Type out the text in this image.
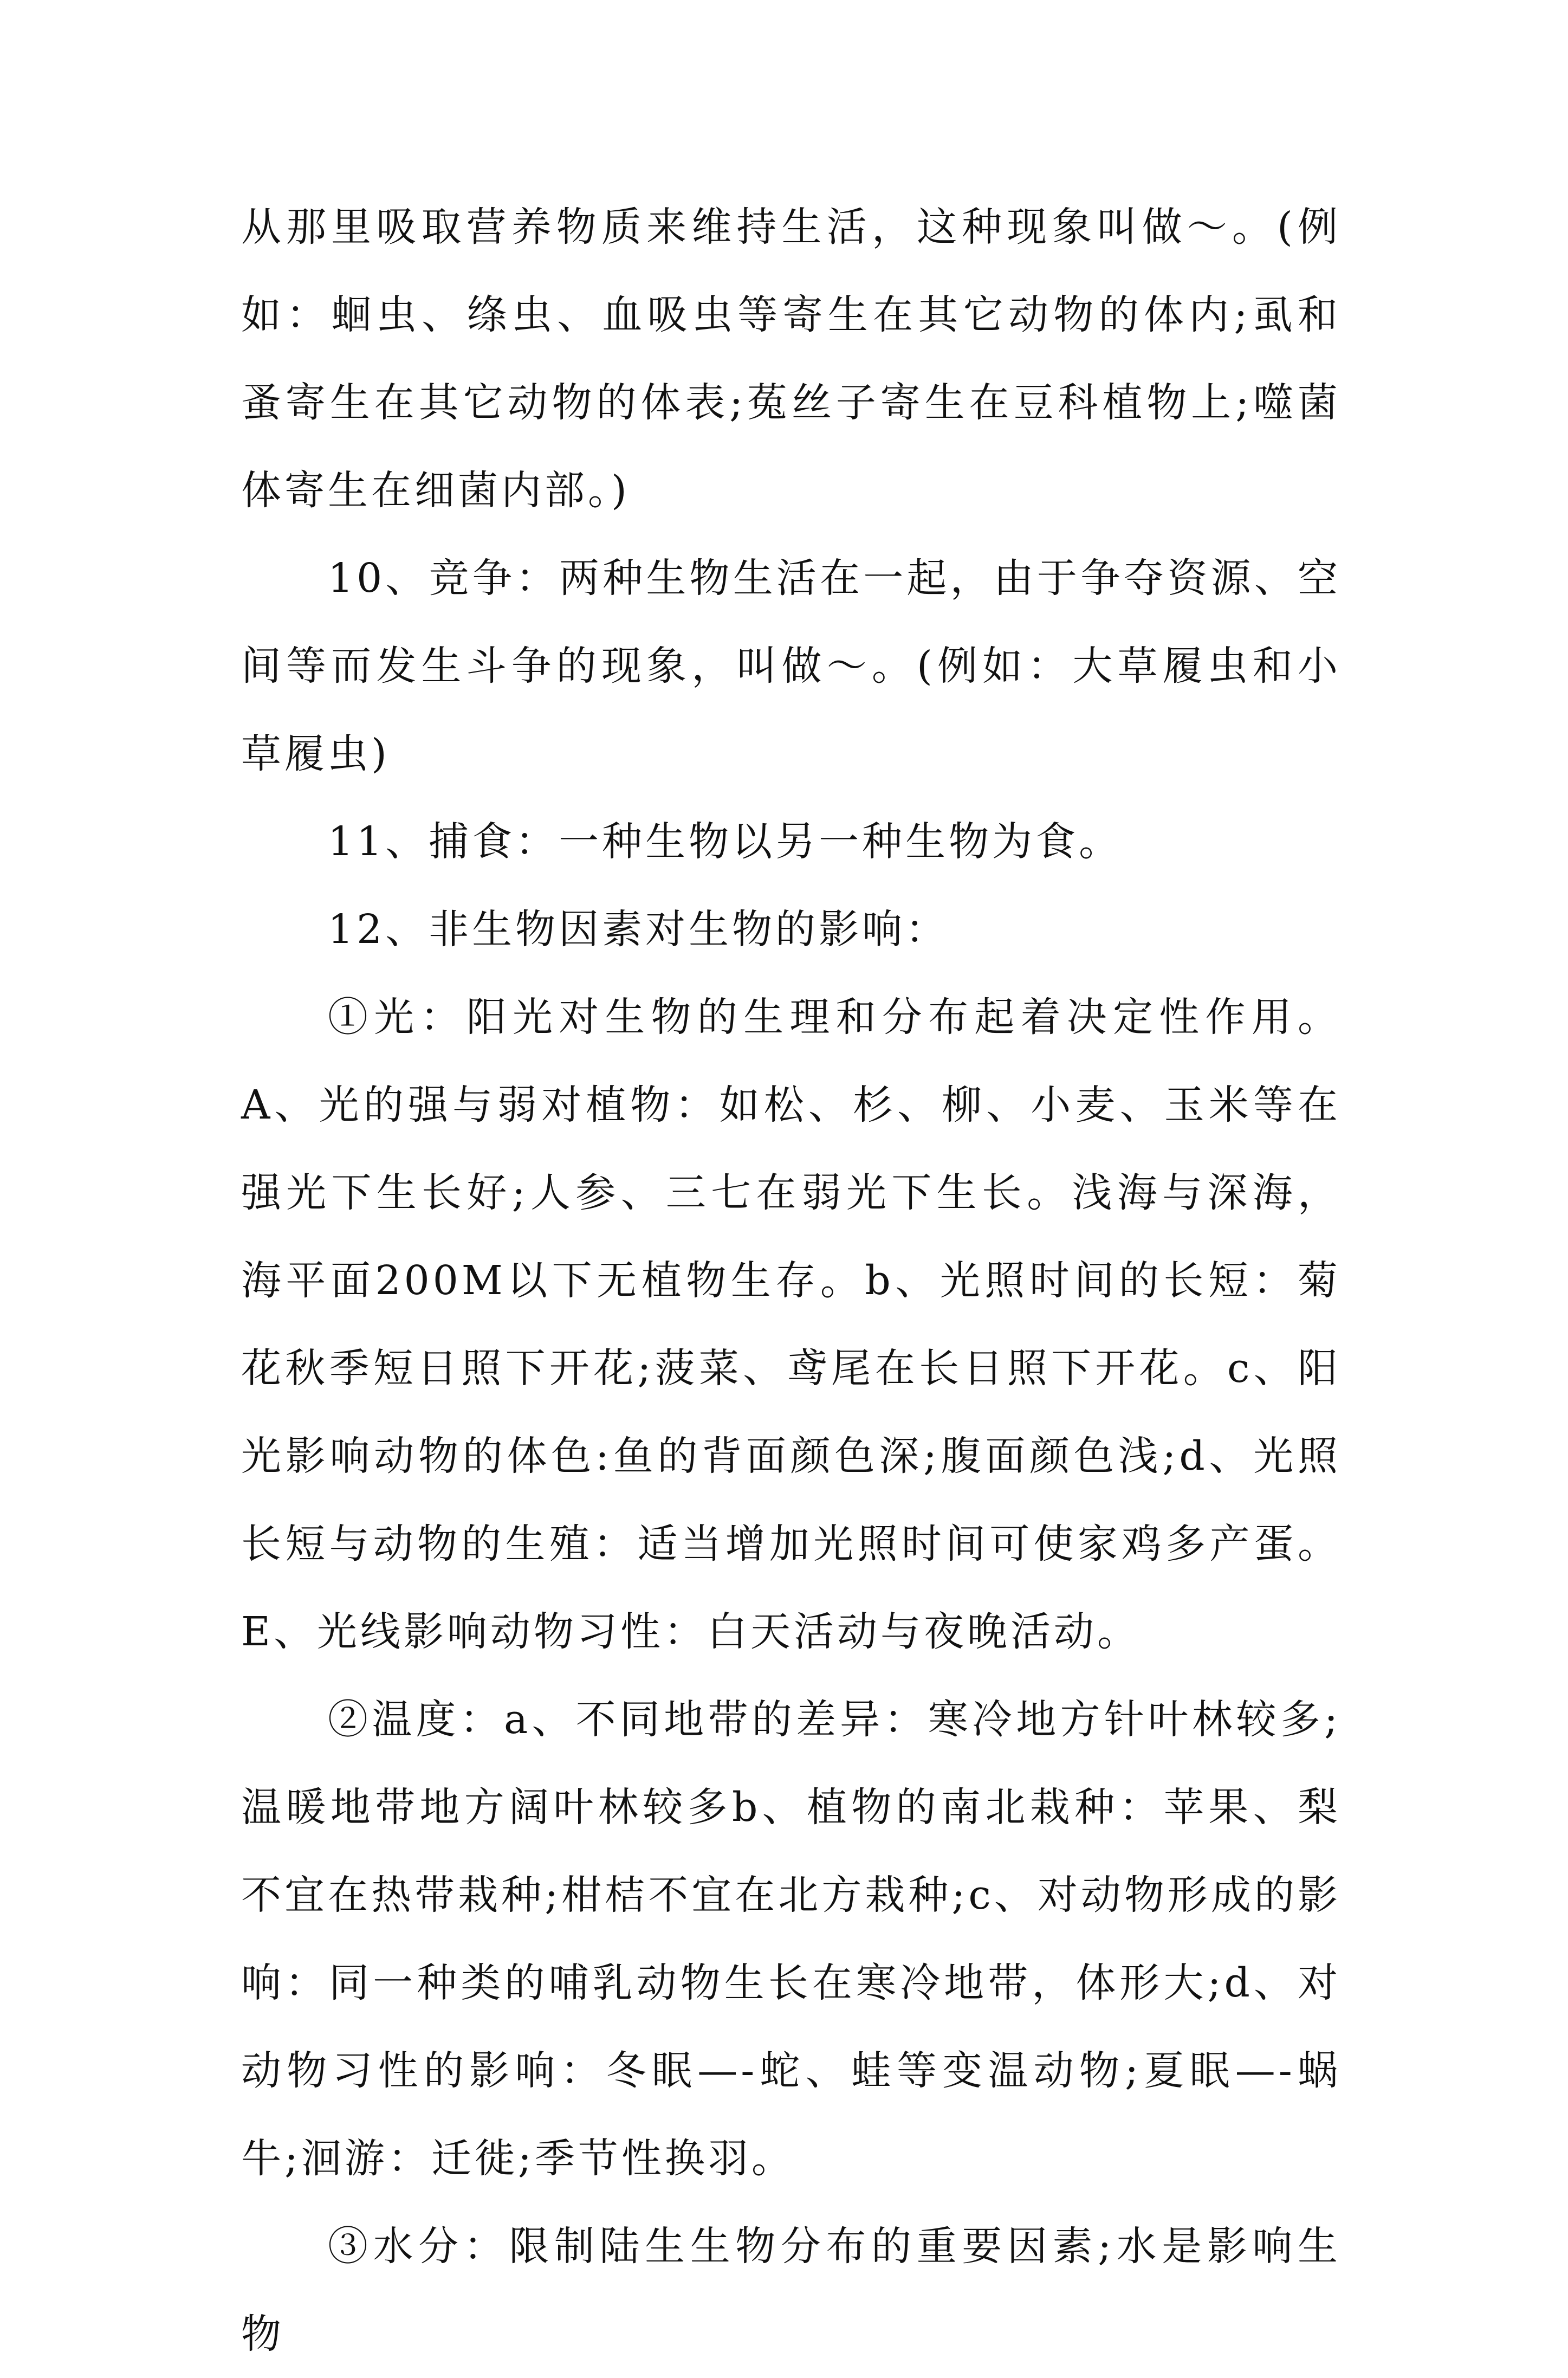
从那里吸取营养物质来维持生活，这种现象叫做～。(例如：蛔虫、绦虫、血吸虫等寄生在其它动物的体内;虱和蚤寄生在其它动物的体表;菟丝子寄生在豆科植物上;噬菌体寄生在细菌内部。)

10、竞争：两种生物生活在一起，由于争夺资源、空间等而发生斗争的现象，叫做～。(例如：大草履虫和小草履虫)

11、捕食：一种生物以另一种生物为食。

12、非生物因素对生物的影响：

①光：阳光对生物的生理和分布起着决定性作用。A、光的强与弱对植物：如松、杉、柳、小麦、玉米等在强光下生长好;人参、三七在弱光下生长。浅海与深海，海平面200M以下无植物生存。b、光照时间的长短：菊花秋季短日照下开花;菠菜、鸢尾在长日照下开花。c、阳光影响动物的体色:鱼的背面颜色深;腹面颜色浅;d、光照长短与动物的生殖：适当增加光照时间可使家鸡多产蛋。E、光线影响动物习性：白天活动与夜晚活动。

②温度：a、不同地带的差异：寒冷地方针叶林较多;温暖地带地方阔叶林较多b、植物的南北栽种：苹果、梨不宜在热带栽种;柑桔不宜在北方栽种;c、对动物形成的影响：同一种类的哺乳动物生长在寒冷地带，体形大;d、对动物习性的影响：冬眠—-蛇、蛙等变温动物;夏眠—-蜗牛;洄游：迁徙;季节性换羽。

③水分：限制陆生生物分布的重要因素;水是影响生物
